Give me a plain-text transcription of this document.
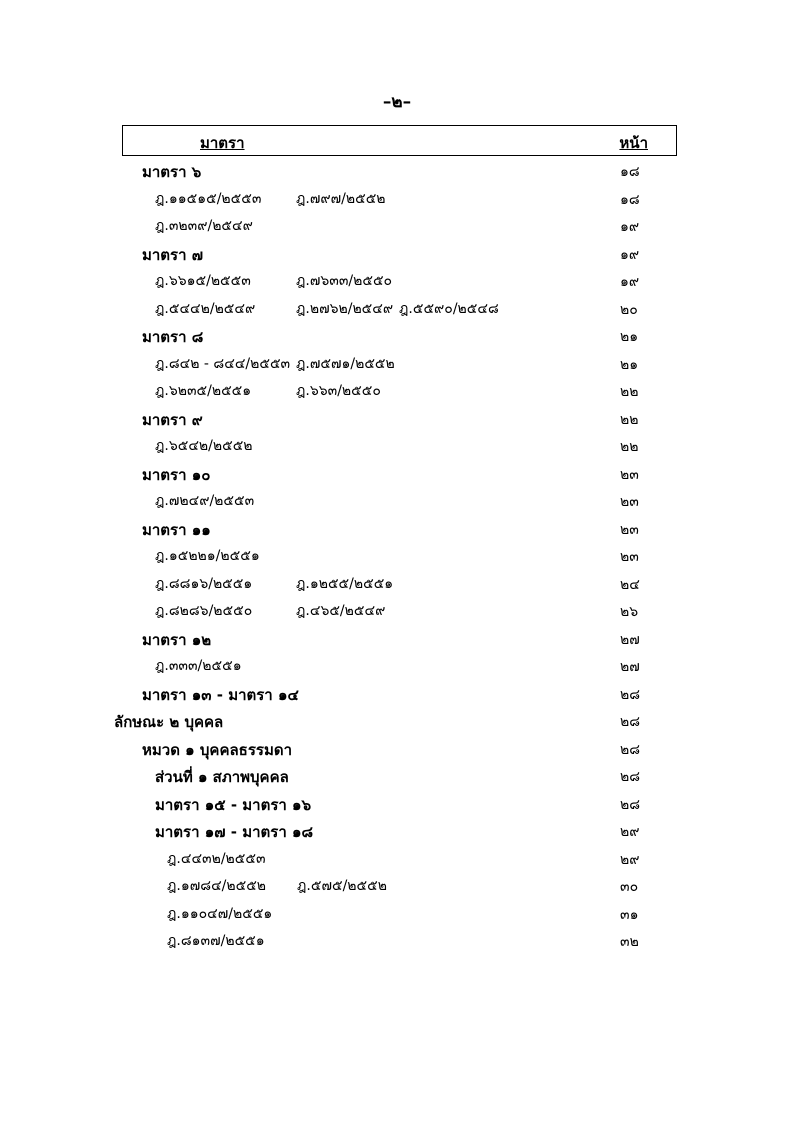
–๒–
มาตรา	หน้า
มาตรา ๖	๑๘
ฎ.๑๑๕๑๕/๒๕๕๓ ฎ.๗๙๗/๒๕๕๒	๑๘
ฎ.๓๒๓๙/๒๕๔๙	๑๙
มาตรา ๗	๑๙
ฎ.๖๖๑๕/๒๕๕๓	ฎ.๗๖๓๓/๒๕๕๐	๑๙
ฎ.๕๔๔๒/๒๕๔๙	ฎ.๒๗๖๒/๒๕๔๙ ฎ.๕๕๙๐/๒๕๔๘	๒๐
มาตรา ๘	๒๑
ฎ.๘๔๒ - ๘๔๔/๒๕๕๓ ฎ.๗๕๗๑/๒๕๕๒	๒๑
ฎ.๖๒๓๕/๒๕๕๑	ฎ.๖๖๓/๒๕๕๐	๒๒
มาตรา ๙	๒๒
ฎ.๖๕๔๒/๒๕๕๒	๒๒
มาตรา ๑๐	๒๓
ฎ.๗๒๔๙/๒๕๕๓	๒๓
มาตรา ๑๑	๒๓
ฎ.๑๕๒๒๑/๒๕๕๑	๒๓
ฎ.๘๘๑๖/๒๕๕๑	ฎ.๑๒๕๕/๒๕๕๑	๒๔
ฎ.๘๒๘๖/๒๕๕๐	ฎ.๔๖๕/๒๕๔๙	๒๖
มาตรา ๑๒	๒๗
ฎ.๓๓๓/๒๕๕๑	๒๗
มาตรา ๑๓ - มาตรา ๑๔	๒๘
ลักษณะ ๒ บุคคล	๒๘
หมวด ๑ บุคคลธรรมดา	๒๘
ส่วนที่ ๑ สภาพบุคคล	๒๘
มาตรา ๑๕ - มาตรา ๑๖	๒๘
มาตรา ๑๗ - มาตรา ๑๘	๒๙
ฎ.๔๔๓๒/๒๕๕๓	๒๙
ฎ.๑๗๘๔/๒๕๕๒ ฎ.๕๗๕/๒๕๕๒	๓๐
ฎ.๑๑๐๔๗/๒๕๕๑	๓๑
ฎ.๘๑๓๗/๒๕๕๑	๓๒
